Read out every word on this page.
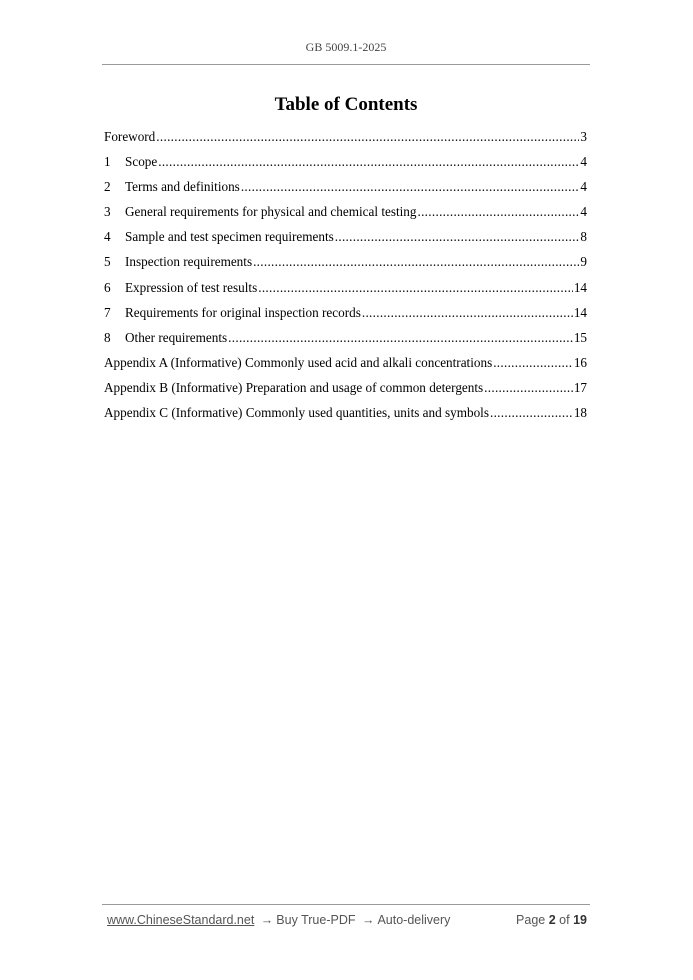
GB 5009.1-2025
Table of Contents
Foreword .....	3
1	Scope .....	4
2	Terms and definitions .....	4
3	General requirements for physical and chemical testing .....	4
4	Sample and test specimen requirements .....	8
5	Inspection requirements .....	9
6	Expression of test results .....	14
7	Requirements for original inspection records .....	14
8	Other requirements .....	15
Appendix A (Informative) Commonly used acid and alkali concentrations .....	16
Appendix B (Informative) Preparation and usage of common detergents .....	17
Appendix C (Informative) Commonly used quantities, units and symbols .....	18
www.ChineseStandard.net → Buy True-PDF → Auto-delivery	Page 2 of 19
